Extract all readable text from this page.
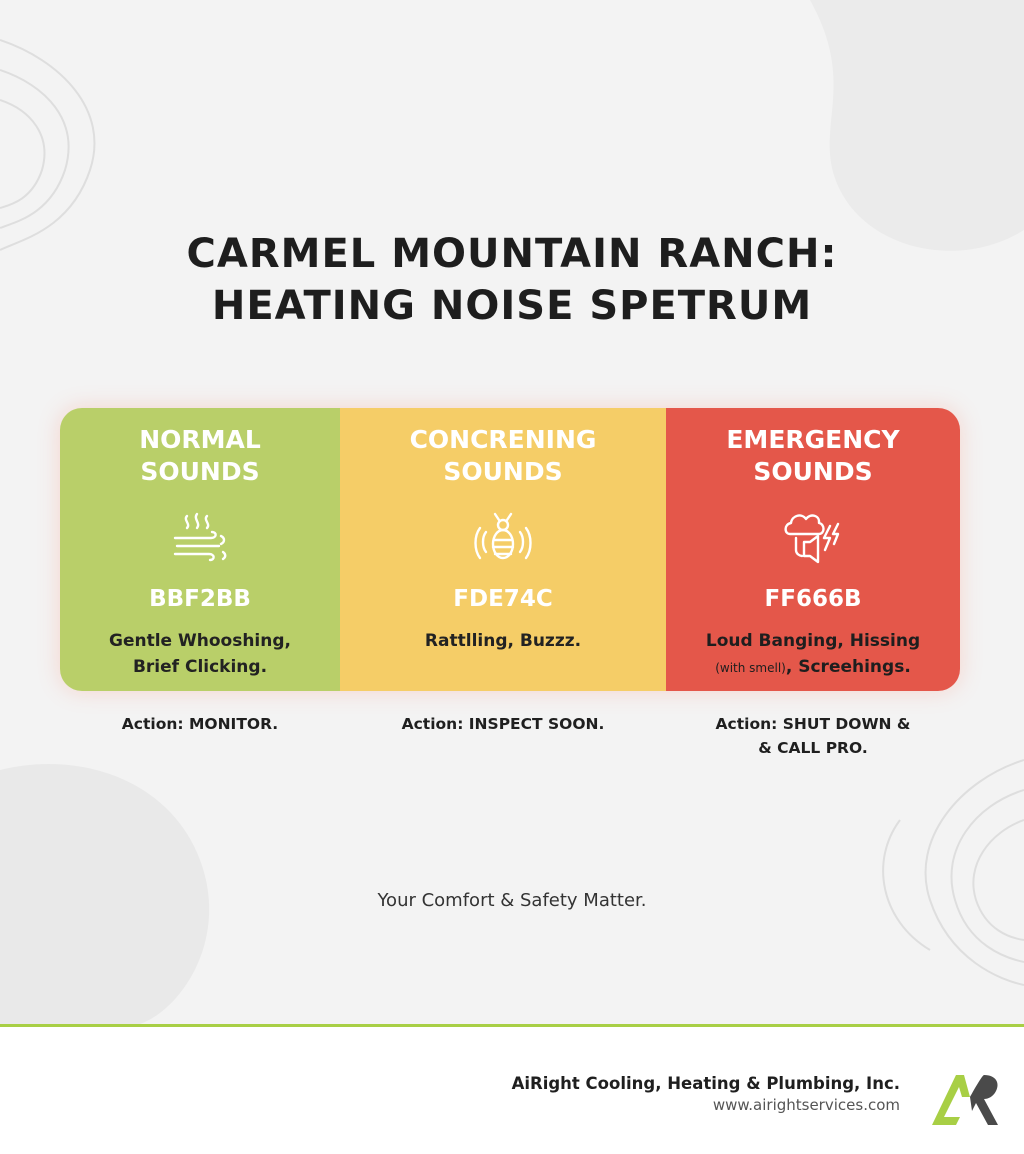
CARMEL MOUNTAIN RANCH:
HEATING NOISE SPETRUM
NORMAL
SOUNDS
BBF2BB
Gentle Whooshing,
Brief Clicking.
CONCRENING
SOUNDS
FDE74C
Rattlling, Buzzz.
EMERGENCY
SOUNDS
FF666B
Loud Banging, Hissing
(with smell), Screehings.
Action: MONITOR.	Action: INSPECT SOON.	Action: SHUT DOWN &
& CALL PRO.
Your Comfort & Safety Matter.
AiRight Cooling, Heating & Plumbing, Inc.
www.airightservices.com
